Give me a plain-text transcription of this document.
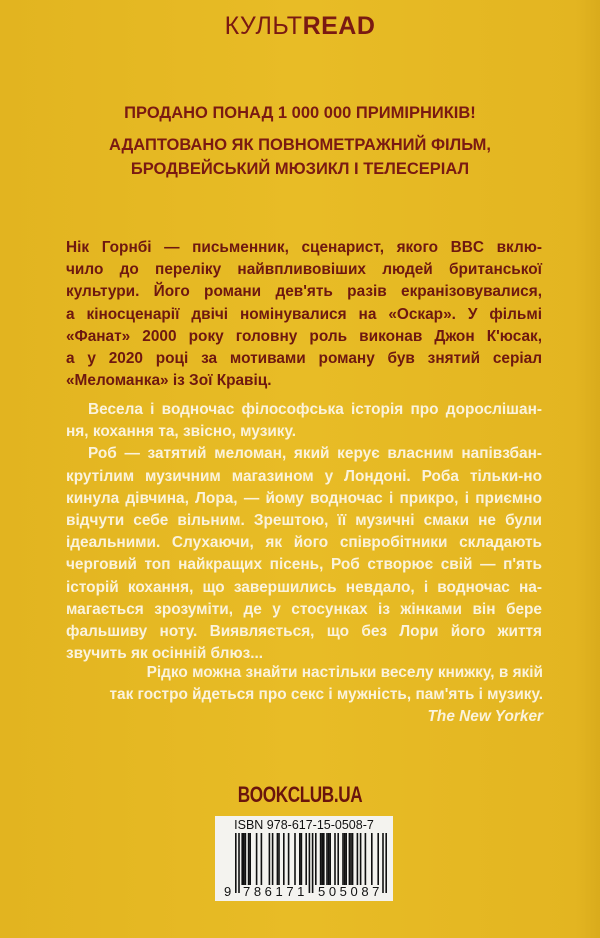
КУЛЬТREAD
ПРОДАНО ПОНАД 1 000 000 ПРИМІРНИКІВ!
АДАПТОВАНО ЯК ПОВНОМЕТРАЖНИЙ ФІЛЬМ,
БРОДВЕЙСЬКИЙ МЮЗИКЛ І ТЕЛЕСЕРІАЛ
Нік Горнбі — письменник, сценарист, якого BBC вклю-
чило до переліку найвпливовіших людей британської
культури. Його романи дев'ять разів екранізовувалися,
а кіносценарії двічі номінувалися на «Оскар». У фільмі
«Фанат» 2000 року головну роль виконав Джон К'юсак,
а у 2020 році за мотивами роману був знятий серіал
«Меломанка» із Зої Кравіц.
Весела і водночас філософська історія про дорослішан-
ня, кохання та, звісно, музику.
Роб — затятий меломан, який керує власним напівзбан-
крутілим музичним магазином у Лондоні. Роба тільки-но
кинула дівчина, Лора, — йому водночас і прикро, і приємно
відчути себе вільним. Зрештою, її музичні смаки не були
ідеальними. Слухаючи, як його співробітники складають
черговий топ найкращих пісень, Роб створює свій — п'ять
історій кохання, що завершились невдало, і водночас на-
магається зрозуміти, де у стосунках із жінками він бере
фальшиву ноту. Виявляється, що без Лори його життя
звучить як осінній блюз...
Рідко можна знайти настільки веселу книжку, в якій
так гостро йдеться про секс і мужність, пам'ять і музику.
The New Yorker
BOOKCLUB.UA
ISBN 978-617-15-0508-7
9 786171 505087
